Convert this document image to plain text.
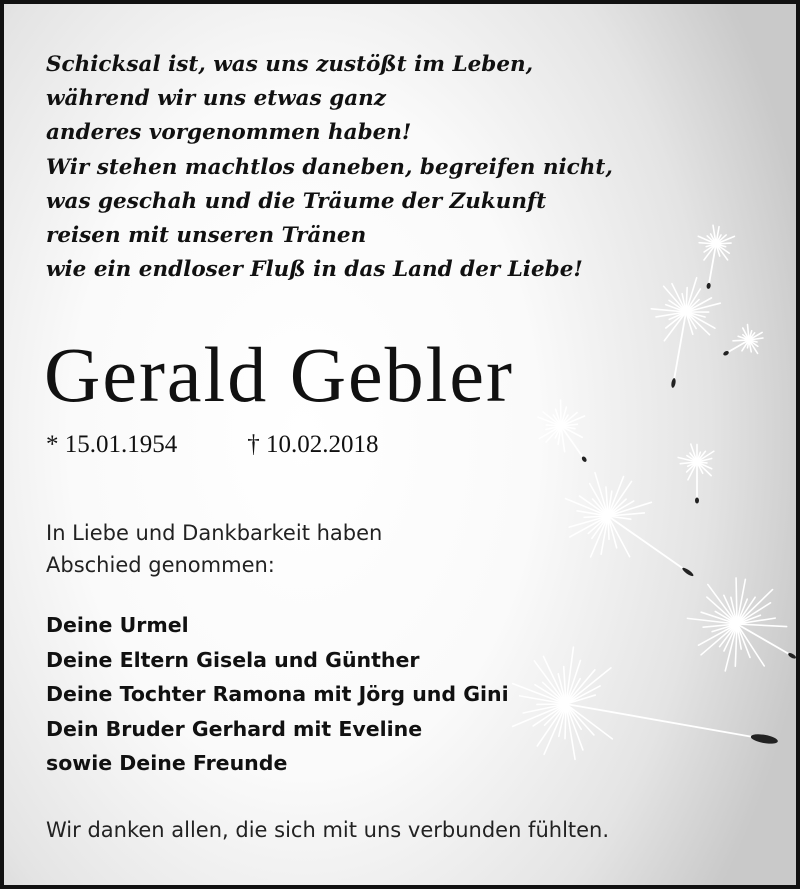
Schicksal ist, was uns zustößt im Leben,
während wir uns etwas ganz
anderes vorgenommen haben!
Wir stehen machtlos daneben, begreifen nicht,
was geschah und die Träume der Zukunft
reisen mit unseren Tränen
wie ein endloser Fluß in das Land der Liebe!
Gerald Gebler
* 15.01.1954	† 10.02.2018
In Liebe und Dankbarkeit haben
Abschied genommen:
Deine Urmel
Deine Eltern Gisela und Günther
Deine Tochter Ramona mit Jörg und Gini
Dein Bruder Gerhard mit Eveline
sowie Deine Freunde
Wir danken allen, die sich mit uns verbunden fühlten.
